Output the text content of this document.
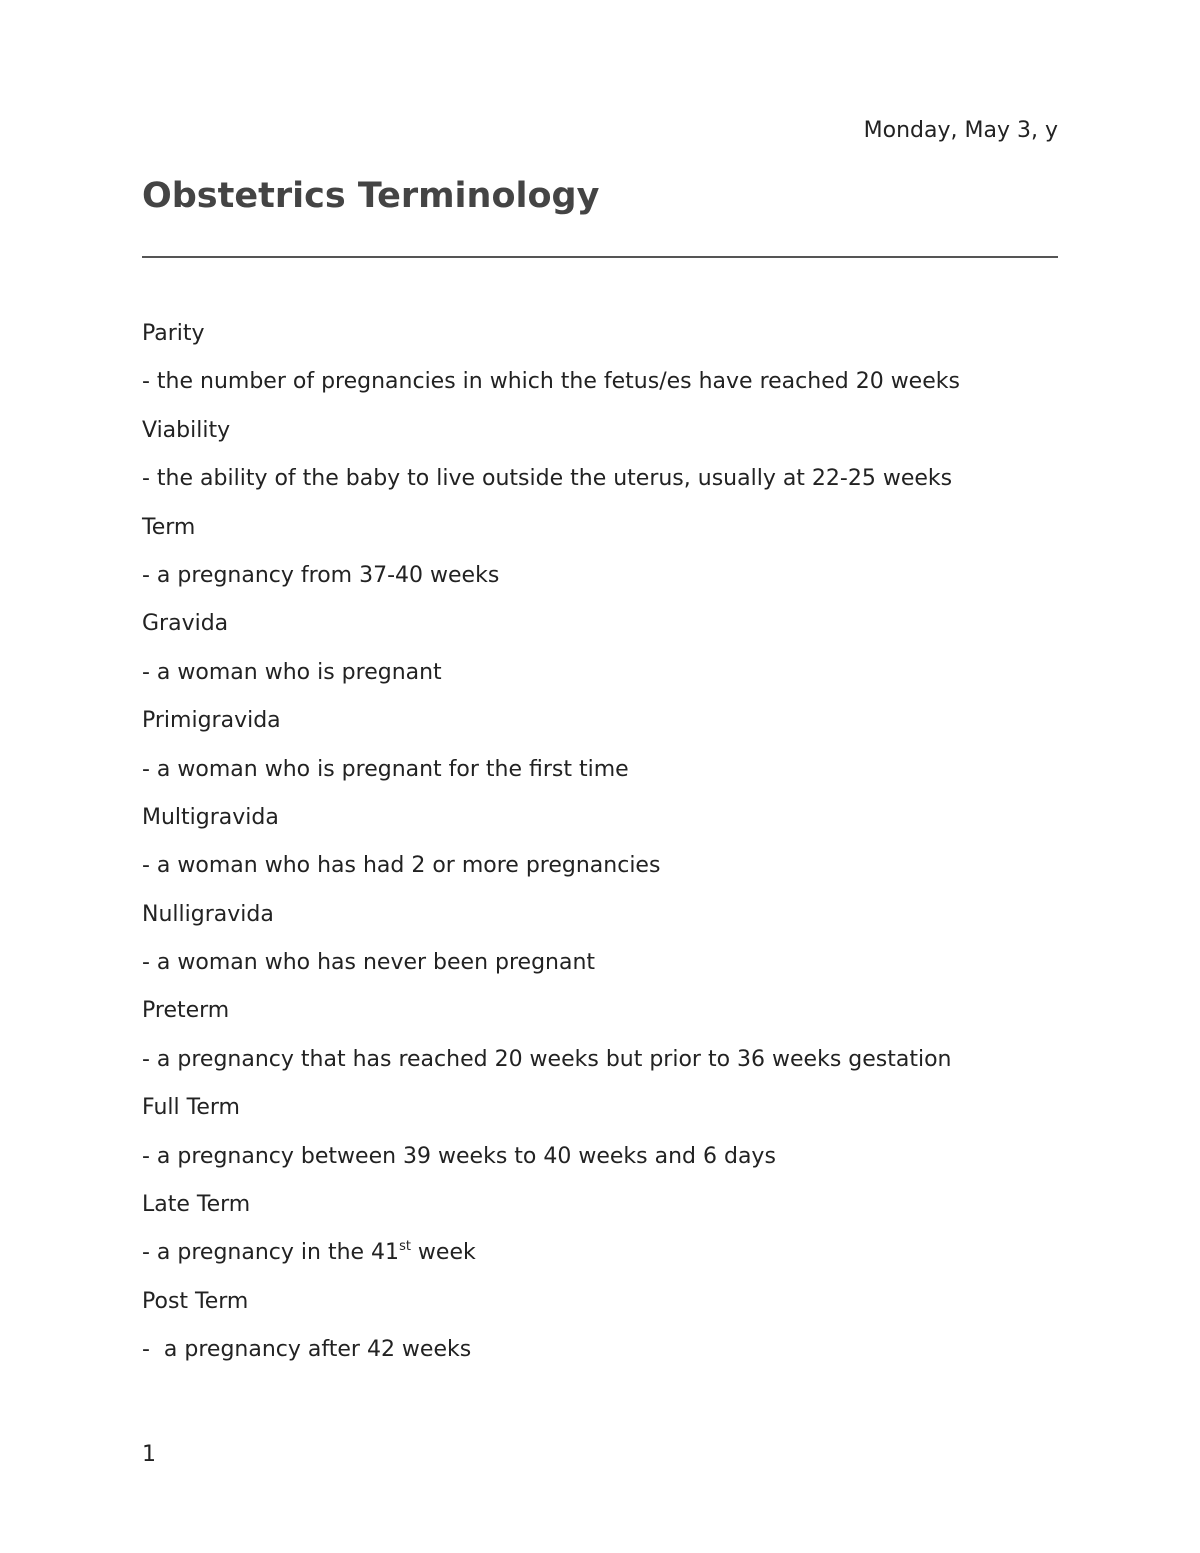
Monday, May 3, y
Obstetrics Terminology
Parity
- the number of pregnancies in which the fetus/es have reached 20 weeks
Viability
- the ability of the baby to live outside the uterus, usually at 22-25 weeks
Term
- a pregnancy from 37-40 weeks
Gravida
- a woman who is pregnant
Primigravida
- a woman who is pregnant for the first time
Multigravida
- a woman who has had 2 or more pregnancies
Nulligravida
- a woman who has never been pregnant
Preterm
- a pregnancy that has reached 20 weeks but prior to 36 weeks gestation
Full Term
- a pregnancy between 39 weeks to 40 weeks and 6 days
Late Term
- a pregnancy in the 41st week
Post Term
-  a pregnancy after 42 weeks
1
